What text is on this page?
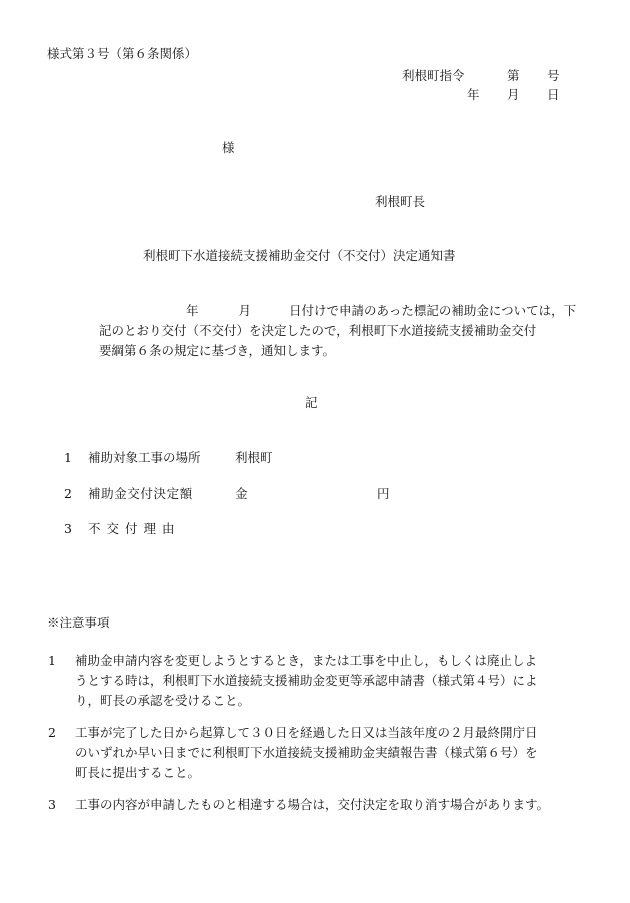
様式第３号（第６条関係）
利根町指令	第 号
年 月 日
様
利根町長
利根町下水道接続支援補助金交付（不交付）決定通知書
年	月	日付けで申請のあった標記の補助金については，下
記のとおり交付（不交付）を決定したので，利根町下水道接続支援補助金交付
要綱第６条の規定に基づき，通知します。
記
1 補助対象工事の場所	利根町
2 補助金交付決定額	金	円
3 不交付理由
※注意事項
1 補助金申請内容を変更しようとするとき，または工事を中止し，もしくは廃止しよ
うとする時は，利根町下水道接続支援補助金変更等承認申請書（様式第４号）によ
り，町長の承認を受けること。
2 工事が完了した日から起算して３０日を経過した日又は当該年度の２月最終開庁日
のいずれか早い日までに利根町下水道接続支援補助金実績報告書（様式第６号）を
町長に提出すること。
3 工事の内容が申請したものと相違する場合は，交付決定を取り消す場合があります。
